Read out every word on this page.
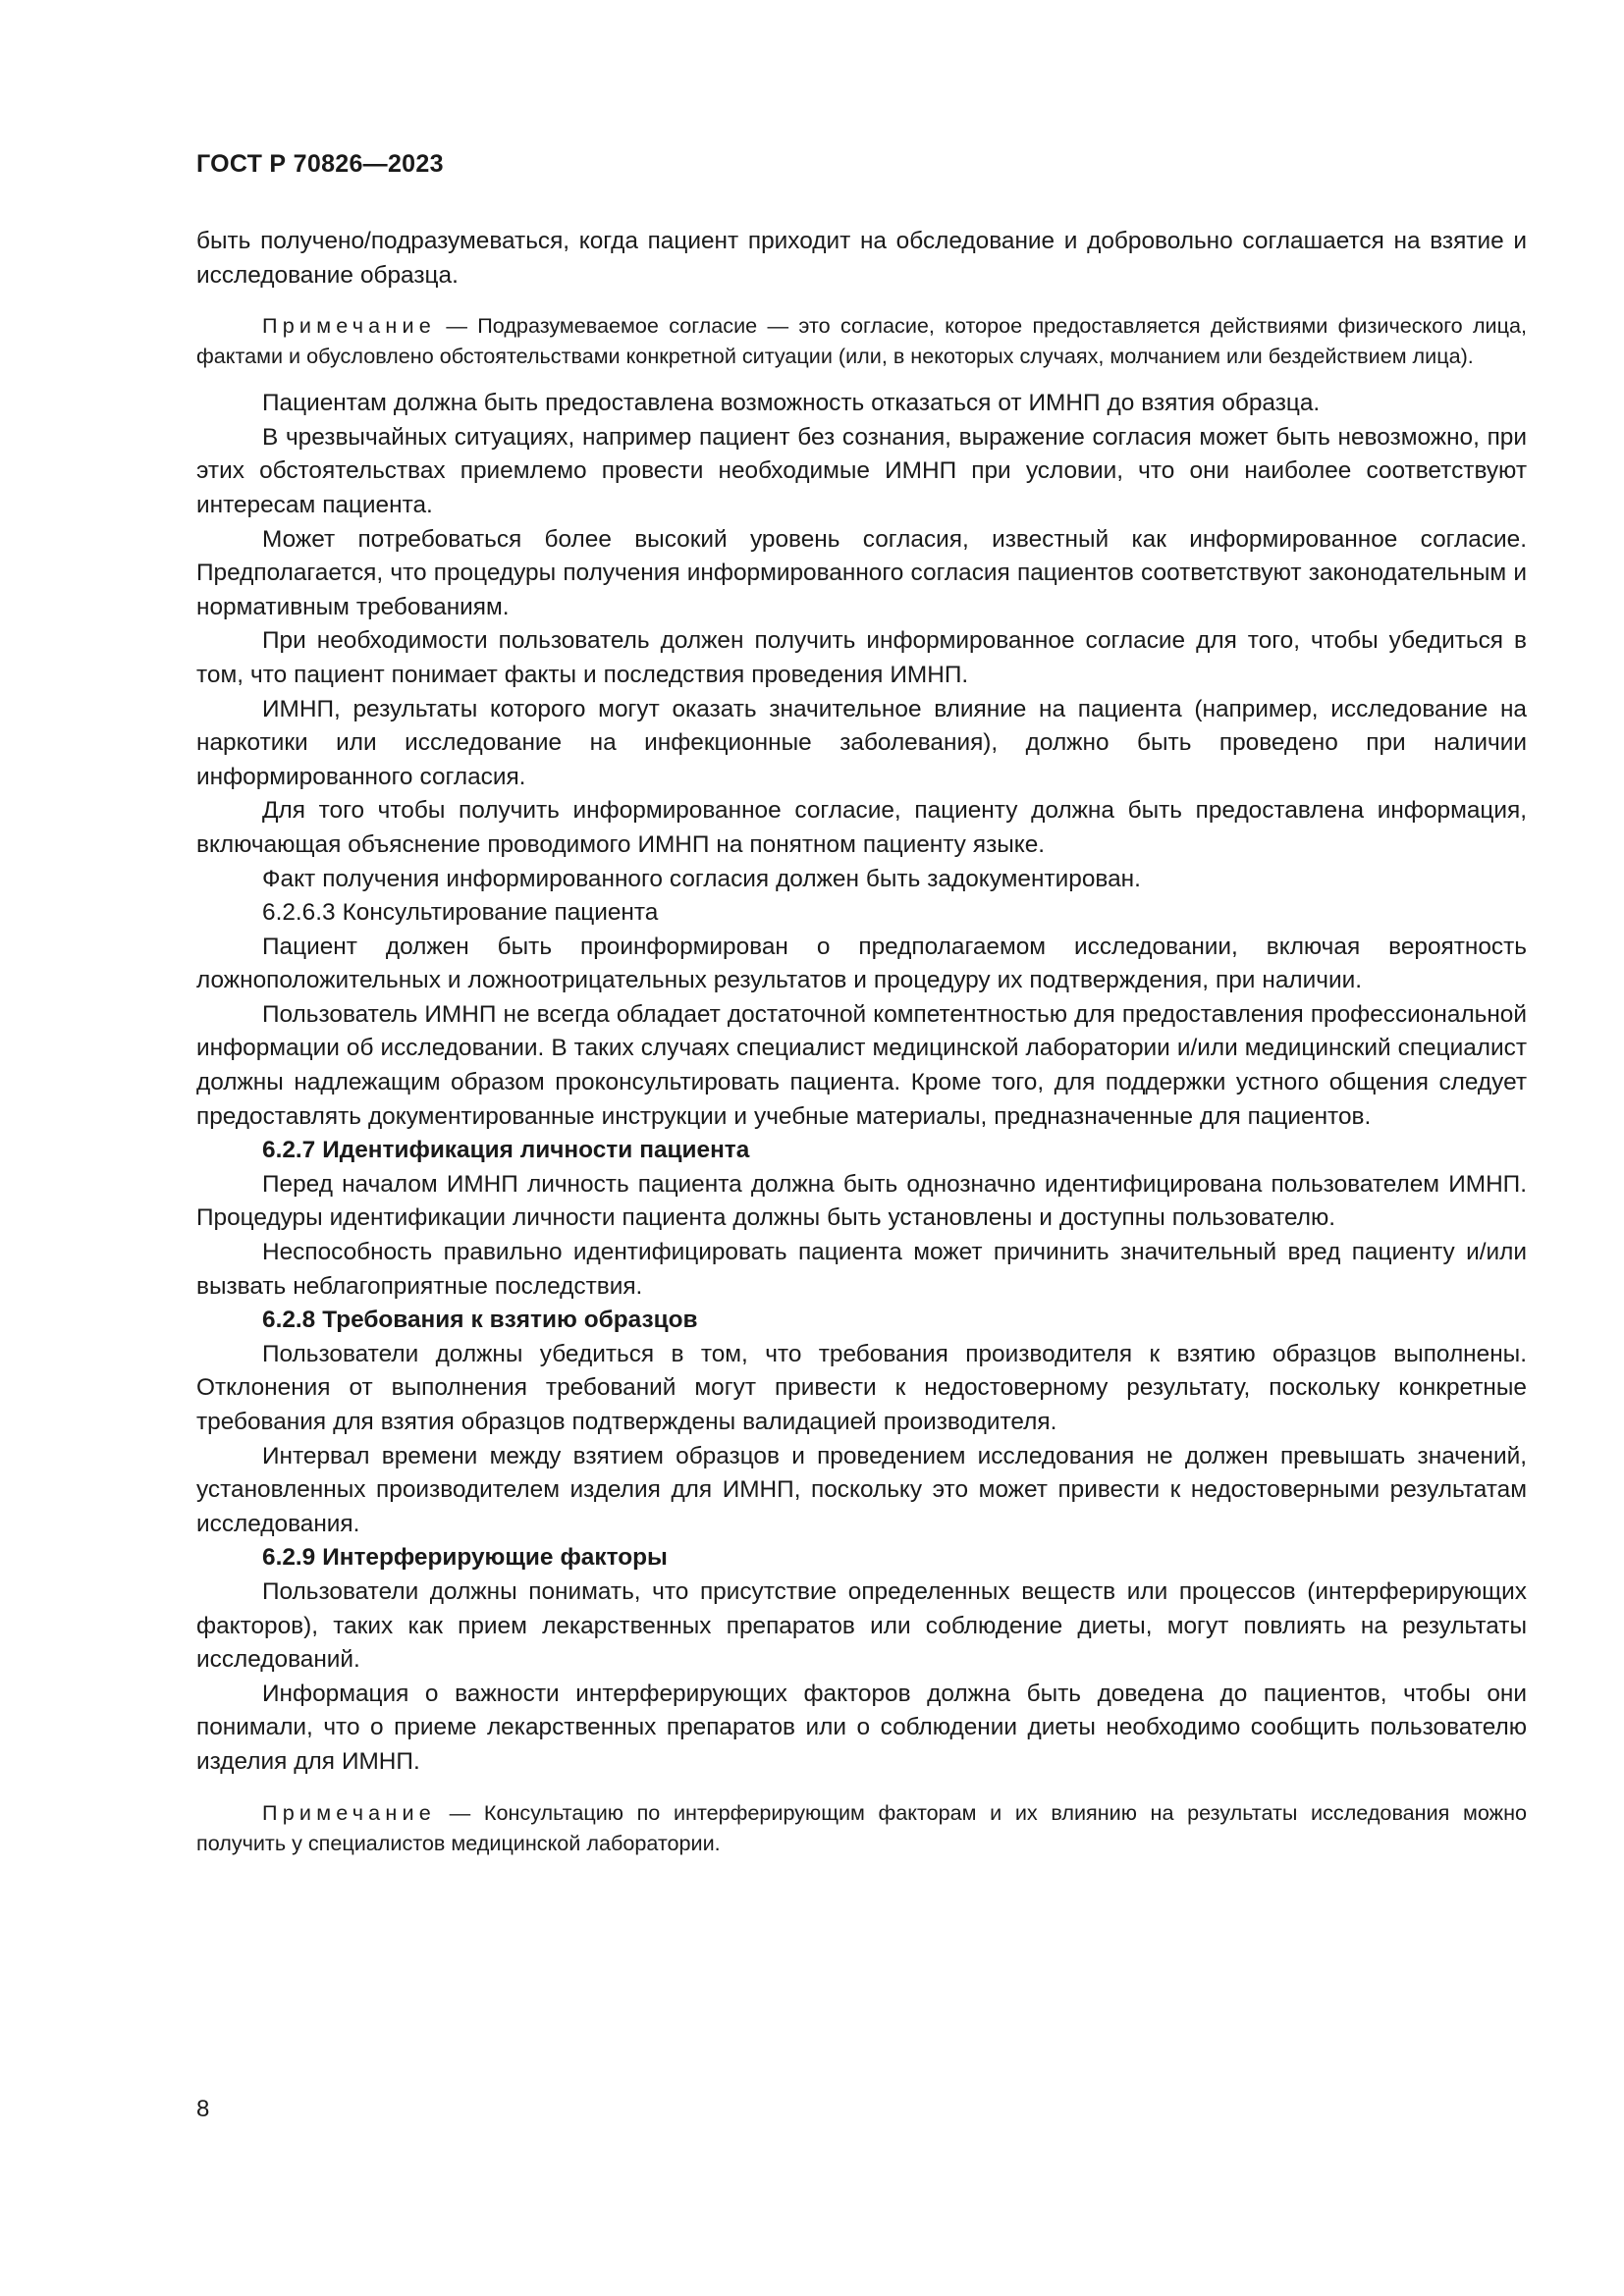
ГОСТ Р 70826—2023

быть получено/подразумеваться, когда пациент приходит на обследование и добровольно соглашается на взятие и исследование образца.

Примечание — Подразумеваемое согласие — это согласие, которое предоставляется действиями физического лица, фактами и обусловлено обстоятельствами конкретной ситуации (или, в некоторых случаях, молчанием или бездействием лица).

Пациентам должна быть предоставлена возможность отказаться от ИМНП до взятия образца.

В чрезвычайных ситуациях, например пациент без сознания, выражение согласия может быть невозможно, при этих обстоятельствах приемлемо провести необходимые ИМНП при условии, что они наиболее соответствуют интересам пациента.

Может потребоваться более высокий уровень согласия, известный как информированное согласие. Предполагается, что процедуры получения информированного согласия пациентов соответствуют законодательным и нормативным требованиям.

При необходимости пользователь должен получить информированное согласие для того, чтобы убедиться в том, что пациент понимает факты и последствия проведения ИМНП.

ИМНП, результаты которого могут оказать значительное влияние на пациента (например, исследование на наркотики или исследование на инфекционные заболевания), должно быть проведено при наличии информированного согласия.

Для того чтобы получить информированное согласие, пациенту должна быть предоставлена информация, включающая объяснение проводимого ИМНП на понятном пациенту языке.

Факт получения информированного согласия должен быть задокументирован.

6.2.6.3 Консультирование пациента

Пациент должен быть проинформирован о предполагаемом исследовании, включая вероятность ложноположительных и ложноотрицательных результатов и процедуру их подтверждения, при наличии.

Пользователь ИМНП не всегда обладает достаточной компетентностью для предоставления профессиональной информации об исследовании. В таких случаях специалист медицинской лаборатории и/или медицинский специалист должны надлежащим образом проконсультировать пациента. Кроме того, для поддержки устного общения следует предоставлять документированные инструкции и учебные материалы, предназначенные для пациентов.

6.2.7 Идентификация личности пациента

Перед началом ИМНП личность пациента должна быть однозначно идентифицирована пользователем ИМНП. Процедуры идентификации личности пациента должны быть установлены и доступны пользователю.

Неспособность правильно идентифицировать пациента может причинить значительный вред пациенту и/или вызвать неблагоприятные последствия.

6.2.8 Требования к взятию образцов

Пользователи должны убедиться в том, что требования производителя к взятию образцов выполнены. Отклонения от выполнения требований могут привести к недостоверному результату, поскольку конкретные требования для взятия образцов подтверждены валидацией производителя.

Интервал времени между взятием образцов и проведением исследования не должен превышать значений, установленных производителем изделия для ИМНП, поскольку это может привести к недостоверными результатам исследования.

6.2.9 Интерферирующие факторы

Пользователи должны понимать, что присутствие определенных веществ или процессов (интерферирующих факторов), таких как прием лекарственных препаратов или соблюдение диеты, могут повлиять на результаты исследований.

Информация о важности интерферирующих факторов должна быть доведена до пациентов, чтобы они понимали, что о приеме лекарственных препаратов или о соблюдении диеты необходимо сообщить пользователю изделия для ИМНП.

Примечание — Консультацию по интерферирующим факторам и их влиянию на результаты исследования можно получить у специалистов медицинской лаборатории.

8
